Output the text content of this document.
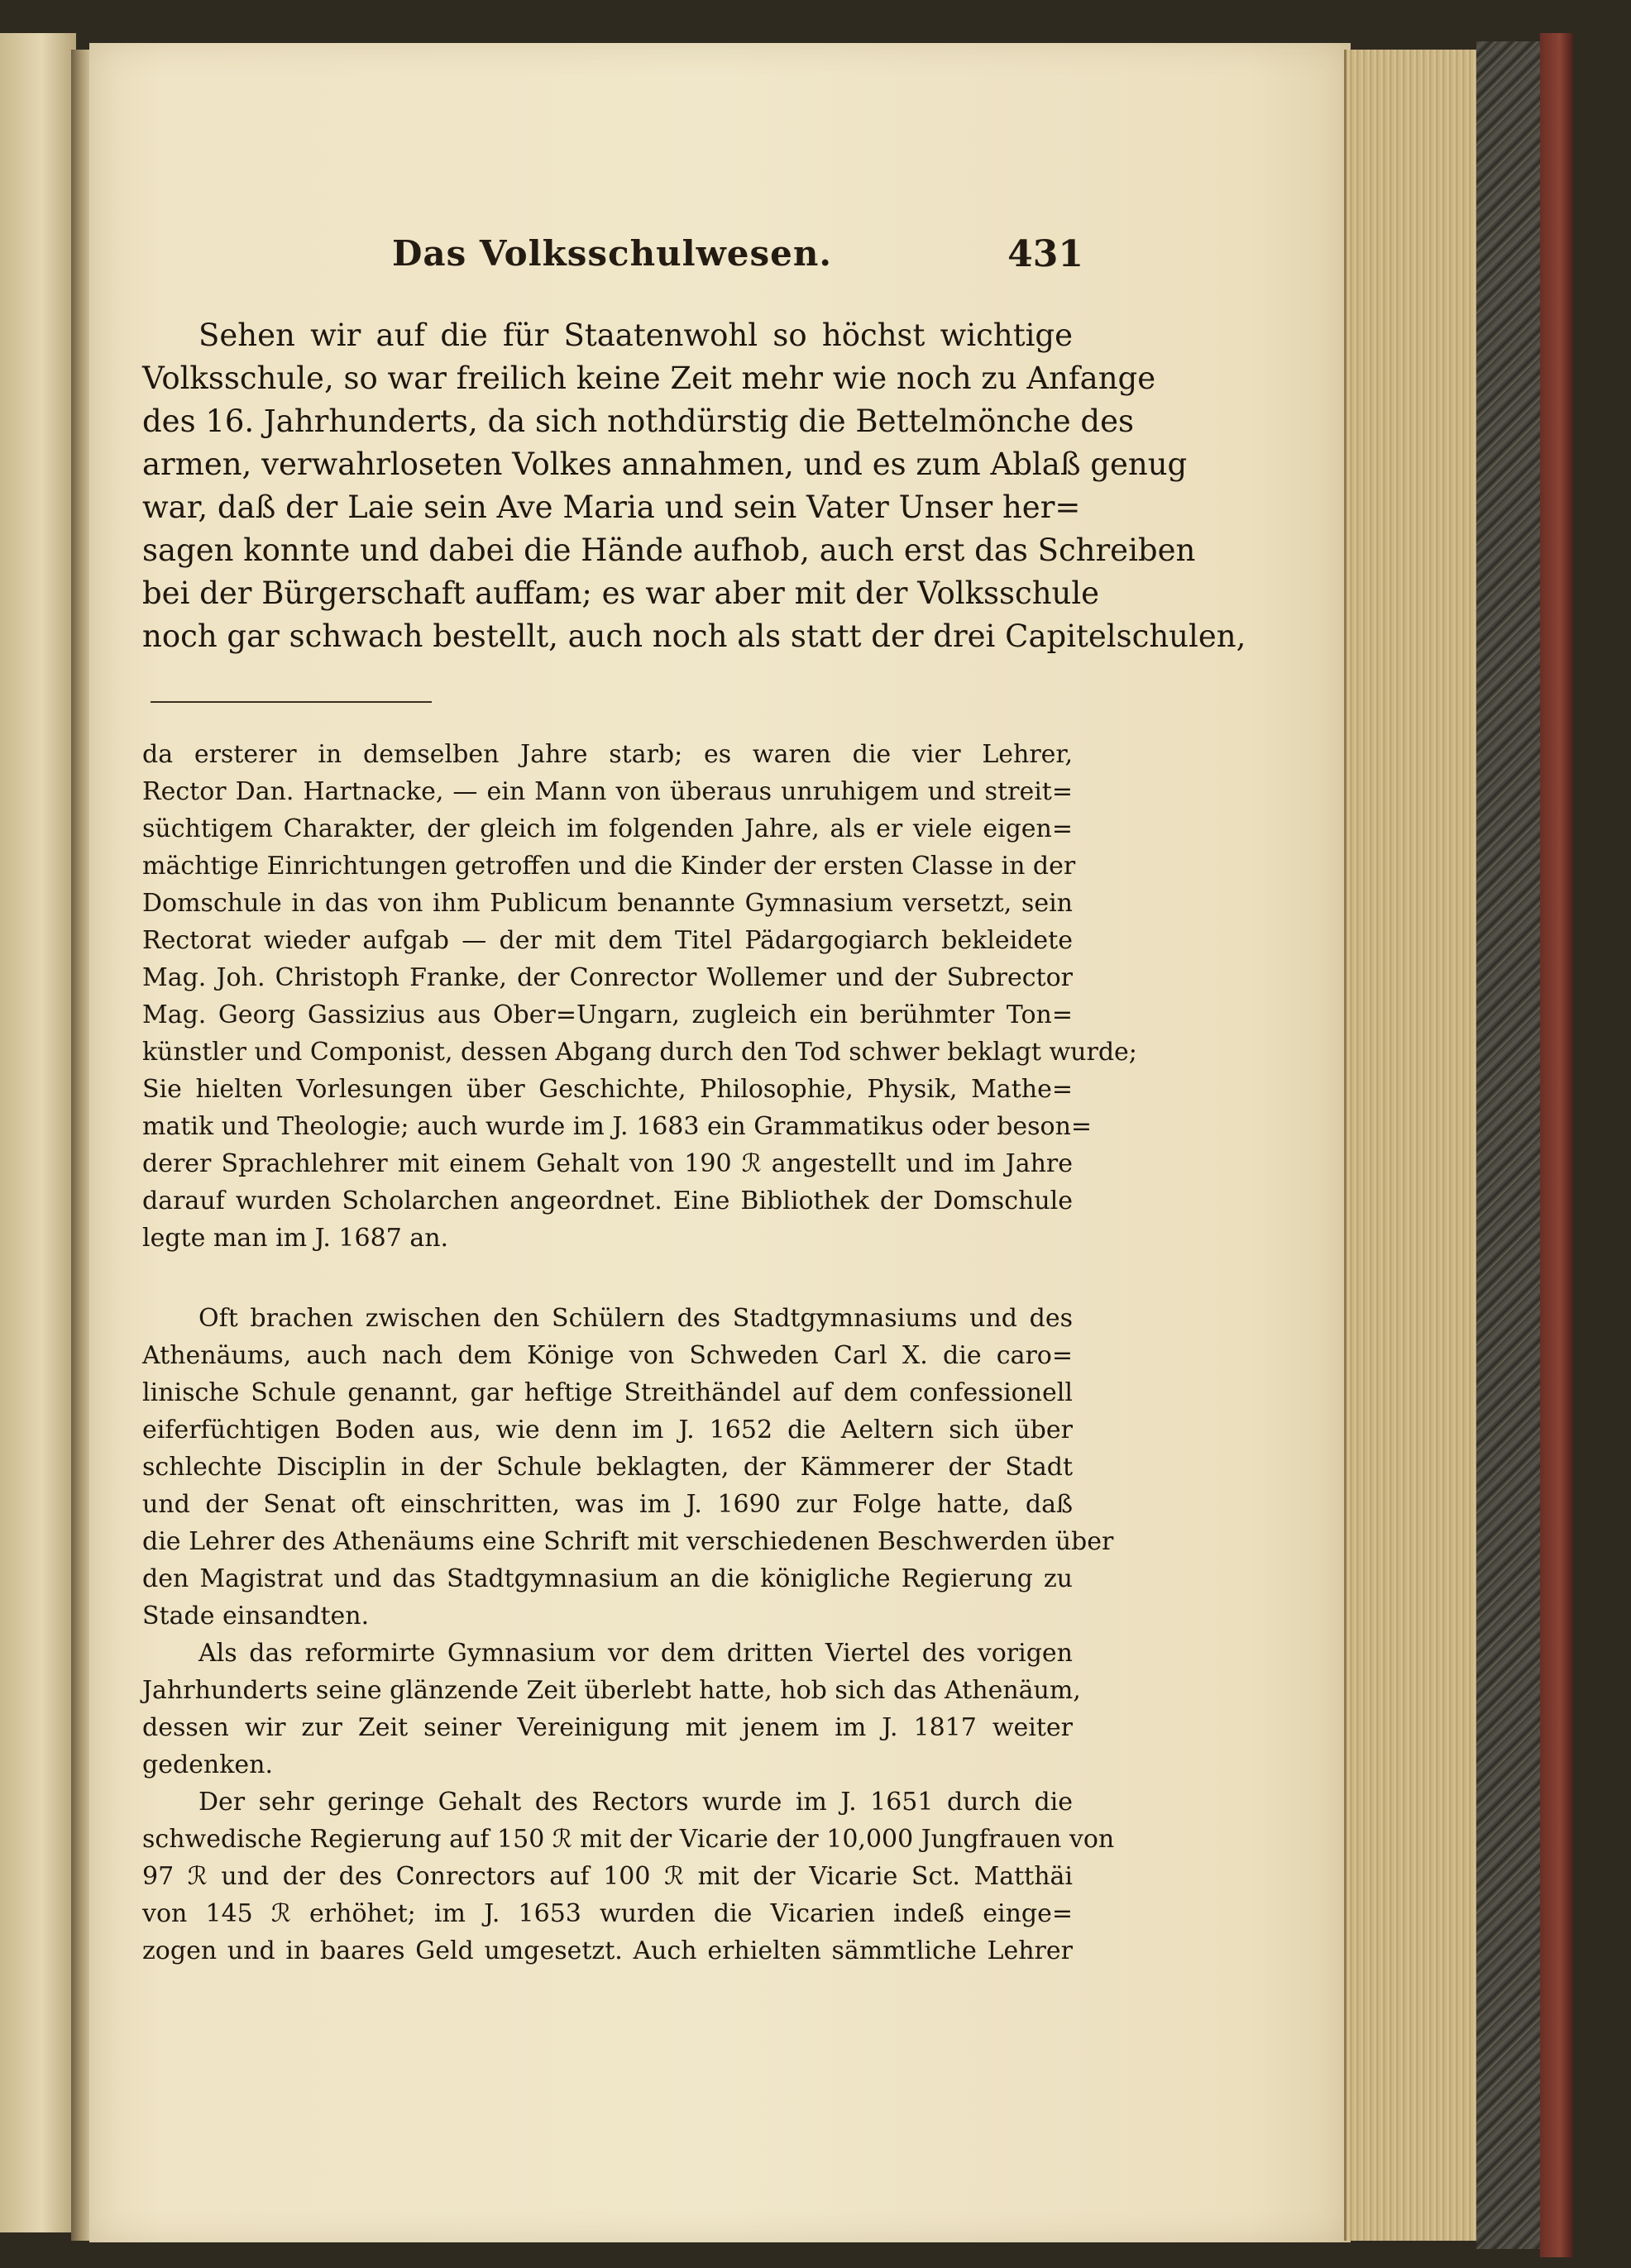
Das Volksschulwesen.	431
Sehen wir auf die für Staatenwohl so höchst wichtige
Volksschule, so war freilich keine Zeit mehr wie noch zu Anfange
des 16. Jahrhunderts, da sich nothdürstig die Bettelmönche des
armen, verwahrloseten Volkes annahmen, und es zum Ablaß genug
war, daß der Laie sein Ave Maria und sein Vater Unser her=
sagen konnte und dabei die Hände aufhob, auch erst das Schreiben
bei der Bürgerschaft auffam; es war aber mit der Volksschule
noch gar schwach bestellt, auch noch als statt der drei Capitelschulen,
da ersterer in demselben Jahre starb; es waren die vier Lehrer,
Rector Dan. Hartnacke, — ein Mann von überaus unruhigem und streit=
süchtigem Charakter, der gleich im folgenden Jahre, als er viele eigen=
mächtige Einrichtungen getroffen und die Kinder der ersten Classe in der
Domschule in das von ihm Publicum benannte Gymnasium versetzt, sein
Rectorat wieder aufgab — der mit dem Titel Pädargogiarch bekleidete
Mag. Joh. Christoph Franke, der Conrector Wollemer und der Subrector
Mag. Georg Gassizius aus Ober=Ungarn, zugleich ein berühmter Ton=
künstler und Componist, dessen Abgang durch den Tod schwer beklagt wurde;
Sie hielten Vorlesungen über Geschichte, Philosophie, Physik, Mathe=
matik und Theologie; auch wurde im J. 1683 ein Grammatikus oder beson=
derer Sprachlehrer mit einem Gehalt von 190 ℛ angestellt und im Jahre
darauf wurden Scholarchen angeordnet. Eine Bibliothek der Domschule
legte man im J. 1687 an.
Oft brachen zwischen den Schülern des Stadtgymnasiums und des
Athenäums, auch nach dem Könige von Schweden Carl X. die caro=
linische Schule genannt, gar heftige Streithändel auf dem confessionell
eiferfüchtigen Boden aus, wie denn im J. 1652 die Aeltern sich über
schlechte Disciplin in der Schule beklagten, der Kämmerer der Stadt
und der Senat oft einschritten, was im J. 1690 zur Folge hatte, daß
die Lehrer des Athenäums eine Schrift mit verschiedenen Beschwerden über
den Magistrat und das Stadtgymnasium an die königliche Regierung zu
Stade einsandten.
Als das reformirte Gymnasium vor dem dritten Viertel des vorigen
Jahrhunderts seine glänzende Zeit überlebt hatte, hob sich das Athenäum,
dessen wir zur Zeit seiner Vereinigung mit jenem im J. 1817 weiter
gedenken.
Der sehr geringe Gehalt des Rectors wurde im J. 1651 durch die
schwedische Regierung auf 150 ℛ mit der Vicarie der 10,000 Jungfrauen von
97 ℛ und der des Conrectors auf 100 ℛ mit der Vicarie Sct. Matthäi
von 145 ℛ erhöhet; im J. 1653 wurden die Vicarien indeß einge=
zogen und in baares Geld umgesetzt. Auch erhielten sämmtliche Lehrer
